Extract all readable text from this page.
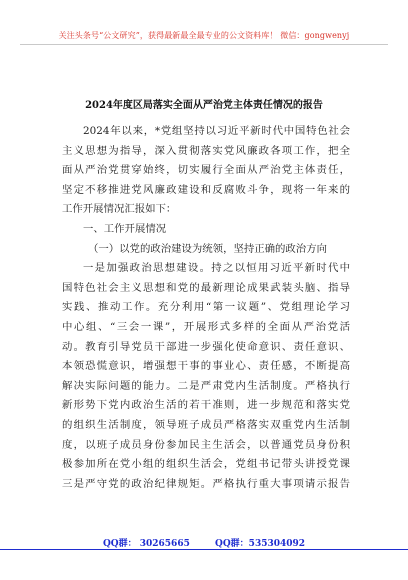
关注头条号“公文研究”，获得最新最全最专业的公文资料库！ 微信：gongwenyj
2024年度区局落实全面从严治党主体责任情况的报告
2024年以来，*党组坚持以习近平新时代中国特色社会
主义思想为指导，深入贯彻落实党风廉政各项工作，把全
面从严治党贯穿始终，切实履行全面从严治党主体责任，
坚定不移推进党风廉政建设和反腐败斗争，现将一年来的
工作开展情况汇报如下：
一、工作开展情况
（一）以党的政治建设为统领，坚持正确的政治方向
一是加强政治思想建设。持之以恒用习近平新时代中
国特色社会主义思想和党的最新理论成果武装头脑、指导
实践、推动工作。充分利用“第一议题”、党组理论学习
中心组、“三会一课”，开展形式多样的全面从严治党活
动。教育引导党员干部进一步强化使命意识、责任意识、
本领恐慌意识，增强想干事的事业心、责任感，不断提高
解决实际问题的能力。二是严肃党内生活制度。严格执行
新形势下党内政治生活的若干准则，进一步规范和落实党
的组织生活制度，领导班子成员严格落实双重党内生活制
度，以班子成员身份参加民主生活会，以普通党员身份积
极参加所在党小组的组织生活会，党组书记带头讲授党课
三是严守党的政治纪律规矩。严格执行重大事项请示报告
QQ群： 30265665	QQ群：535304092
